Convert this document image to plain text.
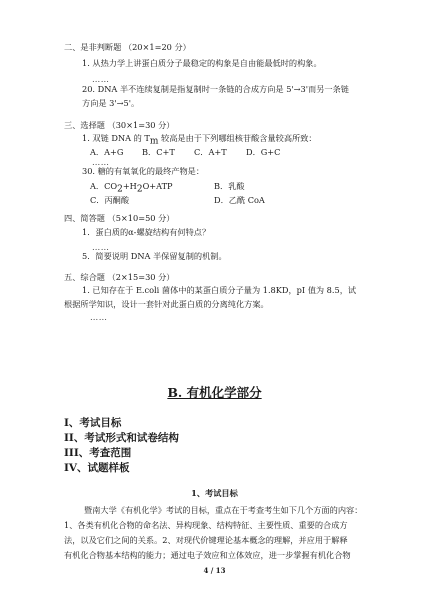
二、是非判断题 （20×1=20 分）
1. 从热力学上讲蛋白质分子最稳定的构象是自由能最低时的构象。
……
20. DNA 半不连续复制是指复制时一条链的合成方向是 5'→3'而另一条链
方向是 3'→5'。
三、选择题 （30×1=30 分）
1. 双链 DNA 的 Tm 较高是由于下列哪组核苷酸含量较高所致：
A．A+G B．C+T C．A+T D．G+C
……
30. 糖的有氧氧化的最终产物是：
A．CO2+H2O+ATP	B．乳酸
C．丙酮酸	D．乙酰 CoA
四、简答题 （5×10=50 分）
1．蛋白质的α-螺旋结构有何特点？
……
5．简要说明 DNA 半保留复制的机制。
五、综合题 （2×15=30 分）
1. 已知存在于 E.coli 菌体中的某蛋白质分子量为 1.8KD，pI 值为 8.5，试
根据所学知识，设计一套针对此蛋白质的分离纯化方案。
……
B. 有机化学部分
I、考试目标
II、考试形式和试卷结构
III、考查范围
IV、试题样板
1、考试目标
暨南大学《有机化学》考试的目标，重点在于考查考生如下几个方面的内容：
1、各类有机化合物的命名法、异构现象、结构特征、主要性质、重要的合成方
法，以及它们之间的关系。2、对现代价键理论基本概念的理解，并应用于解释
有机化合物基本结构的能力；通过电子效应和立体效应，进一步掌握有机化合物
4 / 13
